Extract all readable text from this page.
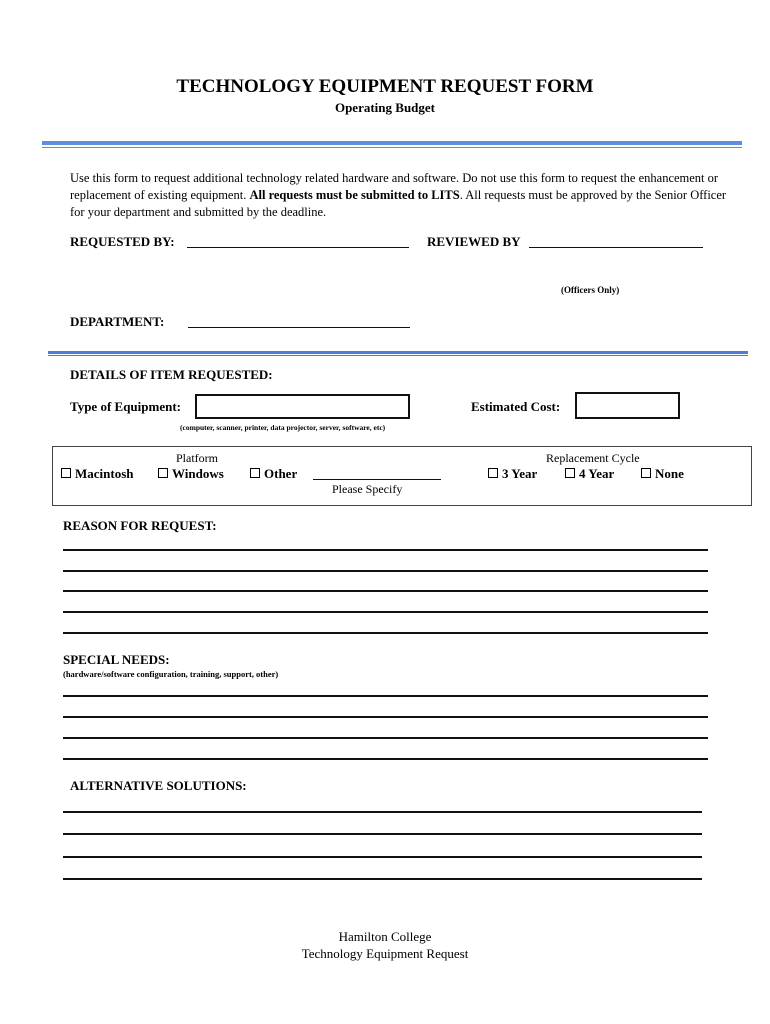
TECHNOLOGY EQUIPMENT REQUEST FORM
Operating Budget
Use this form to request additional technology related hardware and software. Do not use this form to request the enhancement or replacement of existing equipment. All requests must be submitted to LITS. All requests must be approved by the Senior Officer for your department and submitted by the deadline.
REQUESTED BY:	REVIEWED BY
(Officers Only)
DEPARTMENT:
DETAILS OF ITEM REQUESTED:
Type of Equipment:
(computer, scanner, printer, data projector, server, software, etc)
Estimated Cost:
Platform
Macintosh	Windows	Other
Please Specify
Replacement Cycle
3 Year	4 Year	None
REASON FOR REQUEST:
SPECIAL NEEDS:
(hardware/software configuration, training, support, other)
ALTERNATIVE SOLUTIONS:
Hamilton College
Technology Equipment Request
